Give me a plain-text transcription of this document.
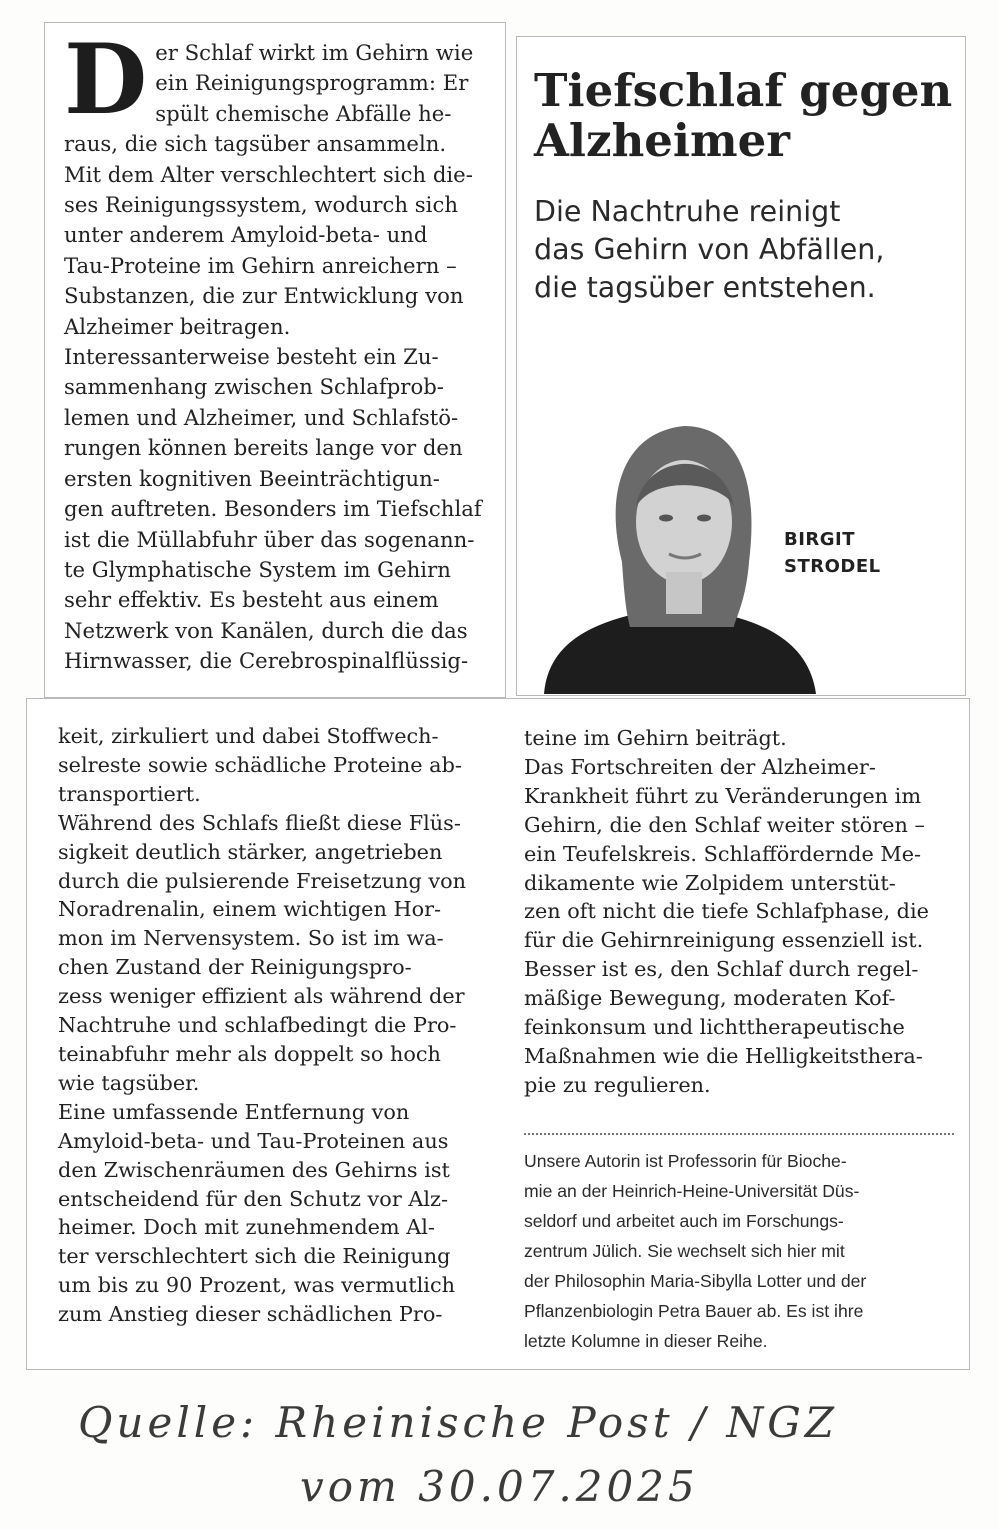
D er Schlaf wirkt im Gehirn wie
ein Reinigungsprogramm: Er
spült chemische Abfälle he-
raus, die sich tagsüber ansammeln.
Mit dem Alter verschlechtert sich die-
ses Reinigungssystem, wodurch sich
unter anderem Amyloid-beta- und
Tau-Proteine im Gehirn anreichern –
Substanzen, die zur Entwicklung von
Alzheimer beitragen.
Interessanterweise besteht ein Zu-
sammenhang zwischen Schlafprob-
lemen und Alzheimer, und Schlafstö-
rungen können bereits lange vor den
ersten kognitiven Beeinträchtigun-
gen auftreten. Besonders im Tiefschlaf
ist die Müllabfuhr über das sogenann-
te Glymphatische System im Gehirn
sehr effektiv. Es besteht aus einem
Netzwerk von Kanälen, durch die das
Hirnwasser, die Cerebrospinalflüssig-

Tiefschlaf gegen
Alzheimer

Die Nachtruhe reinigt
das Gehirn von Abfällen,
die tagsüber entstehen.

BIRGIT
STRODEL

keit, zirkuliert und dabei Stoffwech-
selreste sowie schädliche Proteine ab-
transportiert.
Während des Schlafs fließt diese Flüs-
sigkeit deutlich stärker, angetrieben
durch die pulsierende Freisetzung von
Noradrenalin, einem wichtigen Hor-
mon im Nervensystem. So ist im wa-
chen Zustand der Reinigungspro-
zess weniger effizient als während der
Nachtruhe und schlafbedingt die Pro-
teinabfuhr mehr als doppelt so hoch
wie tagsüber.
Eine umfassende Entfernung von
Amyloid-beta- und Tau-Proteinen aus
den Zwischenräumen des Gehirns ist
entscheidend für den Schutz vor Alz-
heimer. Doch mit zunehmendem Al-
ter verschlechtert sich die Reinigung
um bis zu 90 Prozent, was vermutlich
zum Anstieg dieser schädlichen Pro-

teine im Gehirn beiträgt.
Das Fortschreiten der Alzheimer-
Krankheit führt zu Veränderungen im
Gehirn, die den Schlaf weiter stören –
ein Teufelskreis. Schlaffördernde Me-
dikamente wie Zolpidem unterstüt-
zen oft nicht die tiefe Schlafphase, die
für die Gehirnreinigung essenziell ist.
Besser ist es, den Schlaf durch regel-
mäßige Bewegung, moderaten Kof-
feinkonsum und lichttherapeutische
Maßnahmen wie die Helligkeitsthera-
pie zu regulieren.

Unsere Autorin ist Professorin für Bioche-
mie an der Heinrich-Heine-Universität Düs-
seldorf und arbeitet auch im Forschungs-
zentrum Jülich. Sie wechselt sich hier mit
der Philosophin Maria-Sibylla Lotter und der
Pflanzenbiologin Petra Bauer ab. Es ist ihre
letzte Kolumne in dieser Reihe.

Quelle: Rheinische Post / NGZ

vom 30.07.2025
